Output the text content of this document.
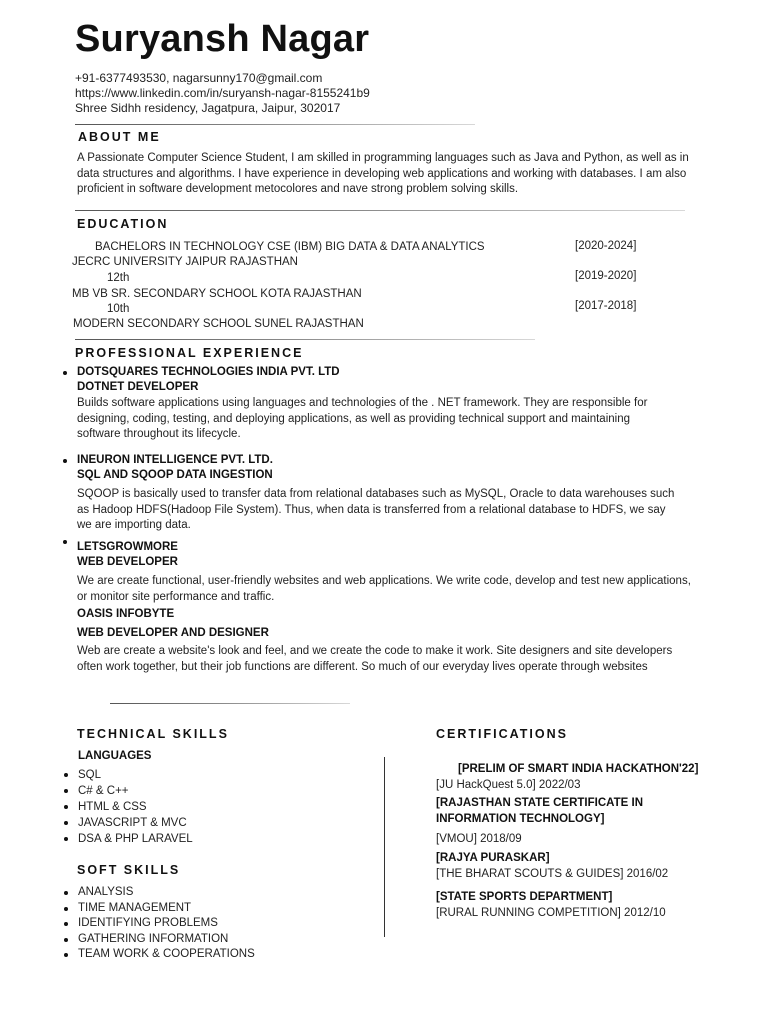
Suryansh Nagar
+91-6377493530, nagarsunny170@gmail.com
https://www.linkedin.com/in/suryansh-nagar-8155241b9
Shree Sidhh residency, Jagatpura, Jaipur, 302017
ABOUT ME
A Passionate Computer Science Student, I am skilled in programming languages such as Java and Python, as well as in data structures and algorithms. I have experience in developing web applications and working with databases. I am also proficient in software development metocolores and nave strong problem solving skills.
EDUCATION
BACHELORS IN TECHNOLOGY CSE (IBM) BIG DATA & DATA ANALYTICS	[2020-2024]
JECRC UNIVERSITY JAIPUR RAJASTHAN
12th	[2019-2020]
MB VB SR. SECONDARY SCHOOL KOTA RAJASTHAN
10th	[2017-2018]
MODERN SECONDARY SCHOOL SUNEL RAJASTHAN
PROFESSIONAL EXPERIENCE
DOTSQUARES TECHNOLOGIES INDIA PVT. LTD
DOTNET DEVELOPER
Builds software applications using languages and technologies of the . NET framework. They are responsible for designing, coding, testing, and deploying applications, as well as providing technical support and maintaining software throughout its lifecycle.
INEURON INTELLIGENCE PVT. LTD.
SQL AND SQOOP DATA INGESTION
SQOOP is basically used to transfer data from relational databases such as MySQL, Oracle to data warehouses such as Hadoop HDFS(Hadoop File System). Thus, when data is transferred from a relational database to HDFS, we say we are importing data.
LETSGROWMORE
WEB DEVELOPER
We are create functional, user-friendly websites and web applications. We write code, develop and test new applications, or monitor site performance and traffic.
OASIS INFOBYTE
WEB DEVELOPER AND DESIGNER
Web are create a website's look and feel, and we create the code to make it work. Site designers and site developers often work together, but their job functions are different. So much of our everyday lives operate through websites
TECHNICAL SKILLS
LANGUAGES
SQL
C# & C++
HTML & CSS
JAVASCRIPT & MVC
DSA & PHP LARAVEL
SOFT SKILLS
ANALYSIS
TIME MANAGEMENT
IDENTIFYING PROBLEMS
GATHERING INFORMATION
TEAM WORK & COOPERATIONS
CERTIFICATIONS
[PRELIM OF SMART INDIA HACKATHON'22]
[JU HackQuest 5.0] 2022/03
[RAJASTHAN STATE CERTIFICATE IN
INFORMATION TECHNOLOGY]
[VMOU] 2018/09
[RAJYA PURASKAR]
[THE BHARAT SCOUTS & GUIDES] 2016/02
[STATE SPORTS DEPARTMENT]
[RURAL RUNNING COMPETITION] 2012/10
